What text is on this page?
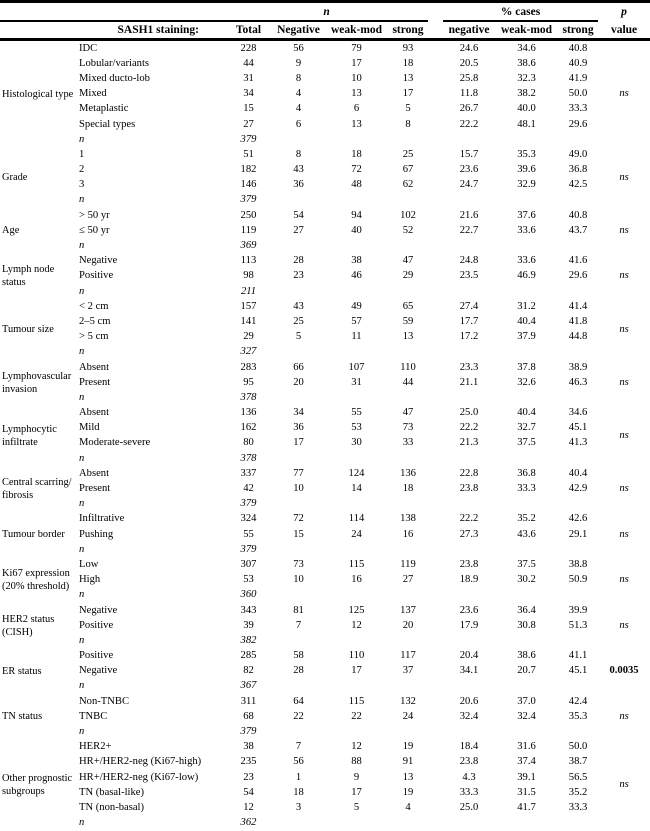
		n					% cases			p
SASH1 staining:		Total	Negative	weak-mod	strong		negative	weak-mod	strong	value

Histological type	IDC	228	56	79	93		24.6	34.6	40.8	ns
	Lobular/variants	44	9	17	18		20.5	38.6	40.9	
	Mixed ducto-lob	31	8	10	13		25.8	32.3	41.9	
	Mixed	34	4	13	17		11.8	38.2	50.0	
	Metaplastic	15	4	6	5		26.7	40.0	33.3	
	Special types	27	6	13	8		22.2	48.1	29.6	
	n	379								

Grade	1	51	8	18	25		15.7	35.3	49.0	ns
	2	182	43	72	67		23.6	39.6	36.8	
	3	146	36	48	62		24.7	32.9	42.5	
	n	379								

Age	> 50 yr	250	54	94	102		21.6	37.6	40.8	ns
	≤ 50 yr	119	27	40	52		22.7	33.6	43.7	
	n	369								

Lymph node
status	Negative	113	28	38	47		24.8	33.6	41.6	ns
	Positive	98	23	46	29		23.5	46.9	29.6	
	n	211								

Tumour size	< 2 cm	157	43	49	65		27.4	31.2	41.4	ns
	2–5 cm	141	25	57	59		17.7	40.4	41.8	
	> 5 cm	29	5	11	13		17.2	37.9	44.8	
	n	327								

Lymphovascular
invasion	Absent	283	66	107	110		23.3	37.8	38.9	ns
	Present	95	20	31	44		21.1	32.6	46.3	
	n	378								

Lymphocytic
infiltrate	Absent	136	34	55	47		25.0	40.4	34.6	ns
	Mild	162	36	53	73		22.2	32.7	45.1	
	Moderate-severe	80	17	30	33		21.3	37.5	41.3	
	n	378								

Central scarring/
fibrosis	Absent	337	77	124	136		22.8	36.8	40.4	ns
	Present	42	10	14	18		23.8	33.3	42.9	
	n	379								

Tumour border	Infiltrative	324	72	114	138		22.2	35.2	42.6	ns
	Pushing	55	15	24	16		27.3	43.6	29.1	
	n	379								

Ki67 expression
(20% threshold)	Low	307	73	115	119		23.8	37.5	38.8	ns
	High	53	10	16	27		18.9	30.2	50.9	
	n	360								

HER2 status
(CISH)	Negative	343	81	125	137		23.6	36.4	39.9	ns
	Positive	39	7	12	20		17.9	30.8	51.3	
	n	382								

ER status	Positive	285	58	110	117		20.4	38.6	41.1	0.0035
	Negative	82	28	17	37		34.1	20.7	45.1	
	n	367								

TN status	Non-TNBC	311	64	115	132		20.6	37.0	42.4	ns
	TNBC	68	22	22	24		32.4	32.4	35.3	
	n	379								

Other prognostic
subgroups	HER2+	38	7	12	19		18.4	31.6	50.0	ns
	HR+/HER2-neg (Ki67-high)	235	56	88	91		23.8	37.4	38.7	
	HR+/HER2-neg (Ki67-low)	23	1	9	13		4.3	39.1	56.5	
	TN (basal-like)	54	18	17	19		33.3	31.5	35.2	
	TN (non-basal)	12	3	5	4		25.0	41.7	33.3	
	n	362								
